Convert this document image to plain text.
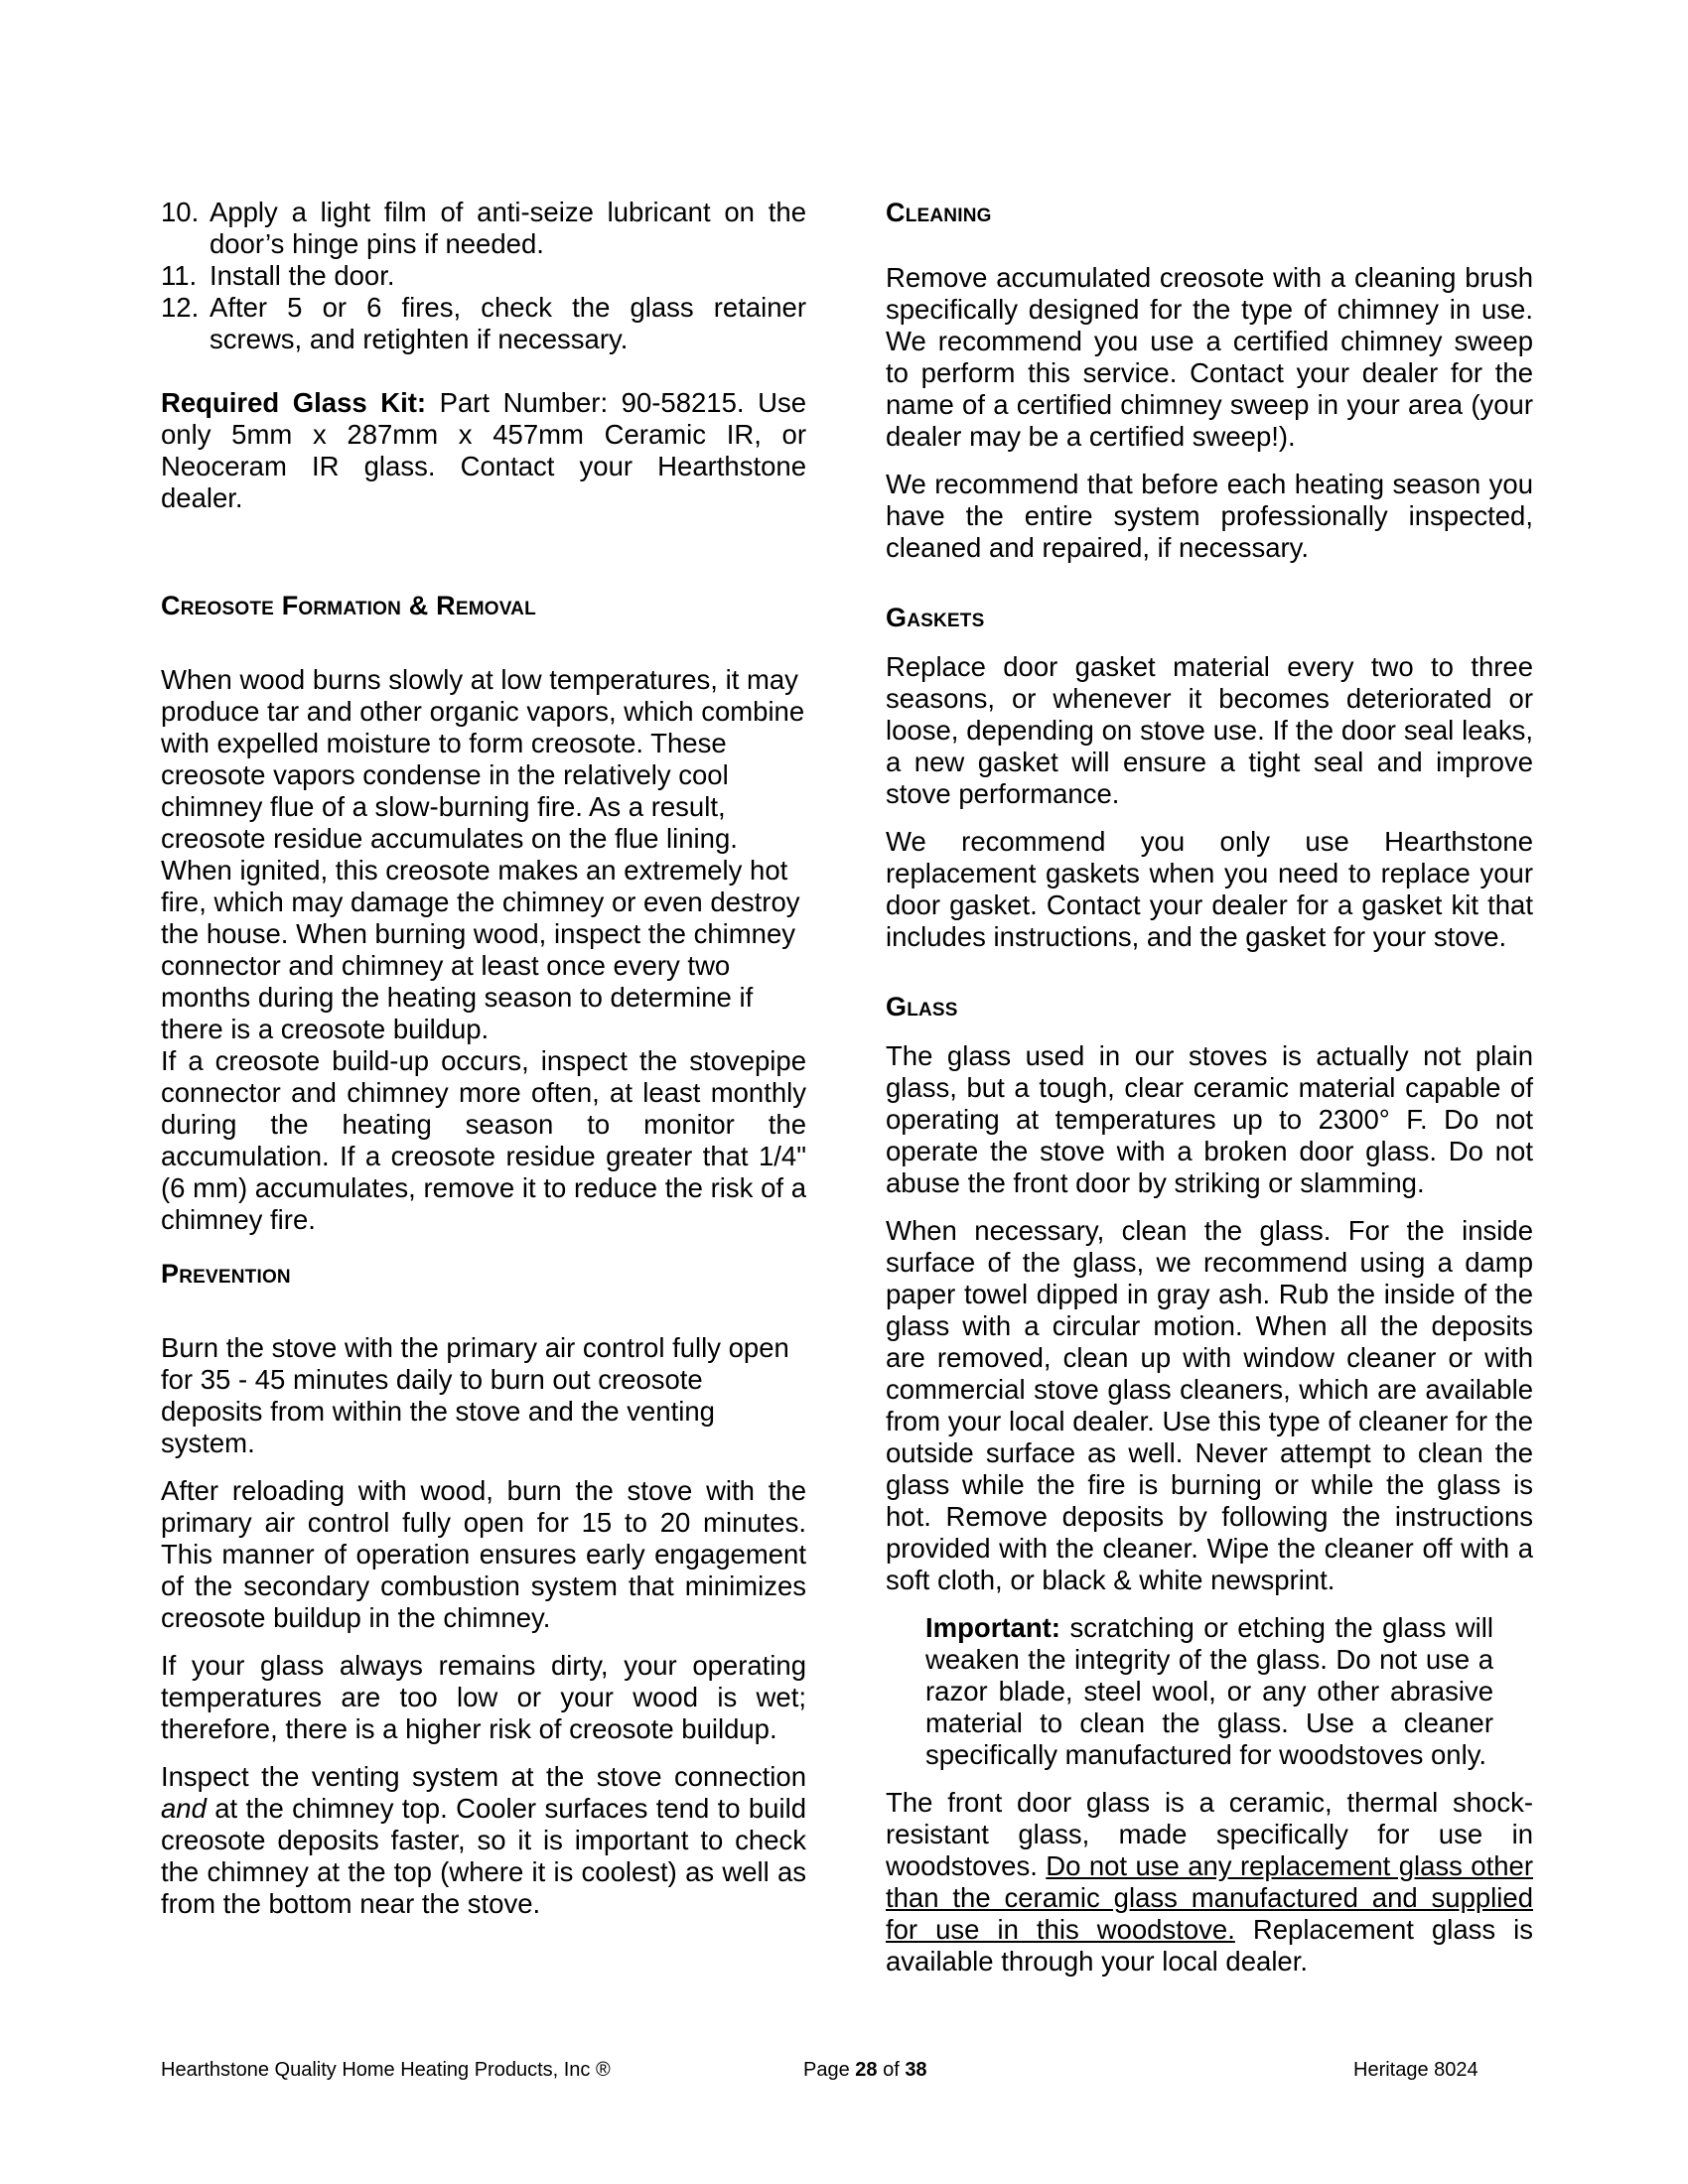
10. Apply a light film of anti-seize lubricant on the door’s hinge pins if needed.
11. Install the door.
12. After 5 or 6 fires, check the glass retainer screws, and retighten if necessary.

Required Glass Kit: Part Number: 90-58215. Use only 5mm x 287mm x 457mm Ceramic IR, or Neoceram IR glass. Contact your Hearthstone dealer.

Creosote Formation & Removal

When wood burns slowly at low temperatures, it may produce tar and other organic vapors, which combine with expelled moisture to form creosote. These creosote vapors condense in the relatively cool chimney flue of a slow-burning fire. As a result, creosote residue accumulates on the flue lining. When ignited, this creosote makes an extremely hot fire, which may damage the chimney or even destroy the house. When burning wood, inspect the chimney connector and chimney at least once every two months during the heating season to determine if there is a creosote buildup.

If a creosote build-up occurs, inspect the stovepipe connector and chimney more often, at least monthly during the heating season to monitor the accumulation. If a creosote residue greater that 1/4" (6 mm) accumulates, remove it to reduce the risk of a chimney fire.

Prevention

Burn the stove with the primary air control fully open for 35 - 45 minutes daily to burn out creosote deposits from within the stove and the venting system.

After reloading with wood, burn the stove with the primary air control fully open for 15 to 20 minutes. This manner of operation ensures early engagement of the secondary combustion system that minimizes creosote buildup in the chimney.

If your glass always remains dirty, your operating temperatures are too low or your wood is wet; therefore, there is a higher risk of creosote buildup.

Inspect the venting system at the stove connection and at the chimney top. Cooler surfaces tend to build creosote deposits faster, so it is important to check the chimney at the top (where it is coolest) as well as from the bottom near the stove.

Cleaning

Remove accumulated creosote with a cleaning brush specifically designed for the type of chimney in use. We recommend you use a certified chimney sweep to perform this service. Contact your dealer for the name of a certified chimney sweep in your area (your dealer may be a certified sweep!).

We recommend that before each heating season you have the entire system professionally inspected, cleaned and repaired, if necessary.

Gaskets

Replace door gasket material every two to three seasons, or whenever it becomes deteriorated or loose, depending on stove use. If the door seal leaks, a new gasket will ensure a tight seal and improve stove performance.

We recommend you only use Hearthstone replacement gaskets when you need to replace your door gasket. Contact your dealer for a gasket kit that includes instructions, and the gasket for your stove.

Glass

The glass used in our stoves is actually not plain glass, but a tough, clear ceramic material capable of operating at temperatures up to 2300° F. Do not operate the stove with a broken door glass. Do not abuse the front door by striking or slamming.

When necessary, clean the glass. For the inside surface of the glass, we recommend using a damp paper towel dipped in gray ash. Rub the inside of the glass with a circular motion. When all the deposits are removed, clean up with window cleaner or with commercial stove glass cleaners, which are available from your local dealer. Use this type of cleaner for the outside surface as well. Never attempt to clean the glass while the fire is burning or while the glass is hot. Remove deposits by following the instructions provided with the cleaner. Wipe the cleaner off with a soft cloth, or black & white newsprint.

Important: scratching or etching the glass will weaken the integrity of the glass. Do not use a razor blade, steel wool, or any other abrasive material to clean the glass. Use a cleaner specifically manufactured for woodstoves only.

The front door glass is a ceramic, thermal shock-resistant glass, made specifically for use in woodstoves. Do not use any replacement glass other than the ceramic glass manufactured and supplied for use in this woodstove. Replacement glass is available through your local dealer.

Hearthstone Quality Home Heating Products, Inc ®	Page 28 of 38	Heritage 8024
